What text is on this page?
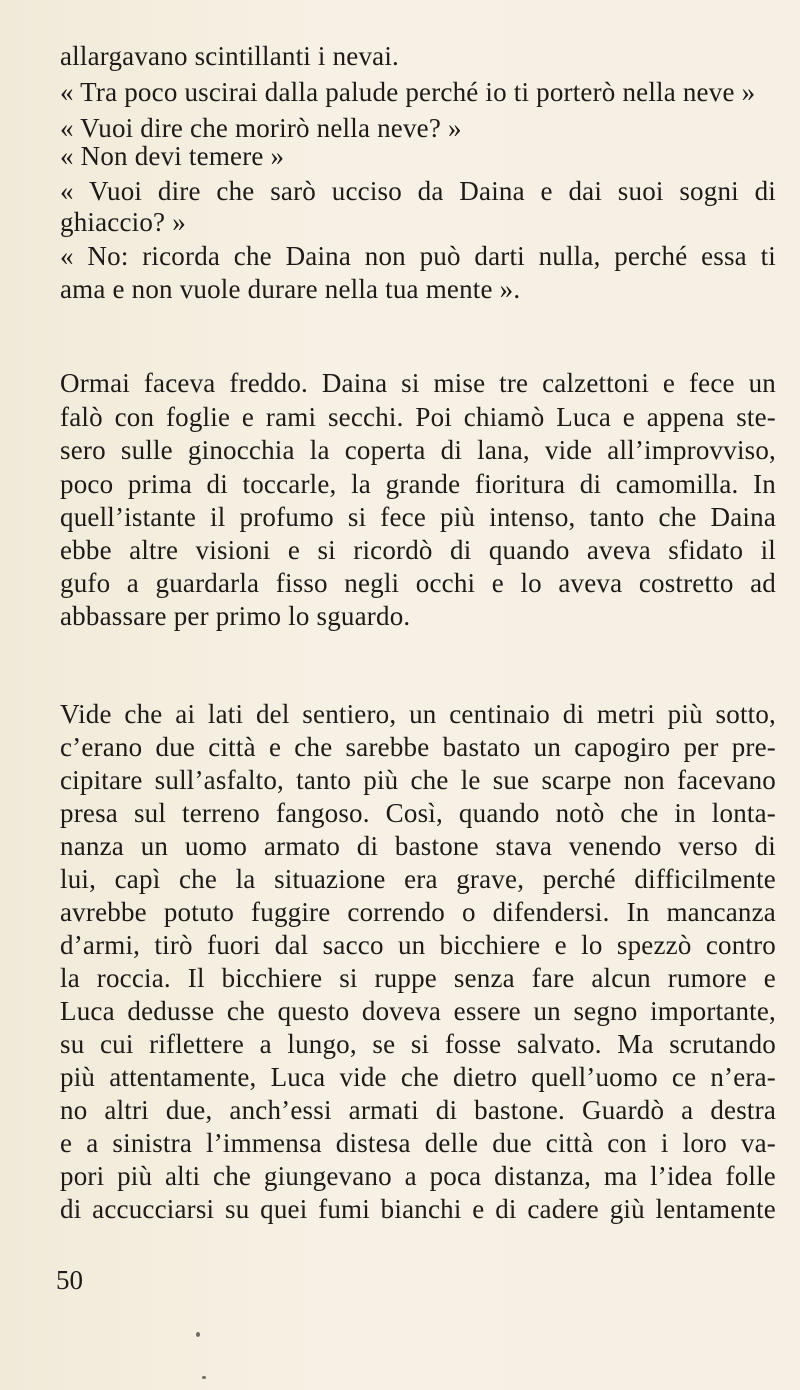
allargavano scintillanti i nevai.
« Tra poco uscirai dalla palude perché io ti porterò nella neve »
« Vuoi dire che morirò nella neve? »
« Non devi temere »
« Vuoi dire che sarò ucciso da Daina e dai suoi sogni di
ghiaccio? »
« No: ricorda che Daina non può darti nulla, perché essa ti
ama e non vuole durare nella tua mente ».
Ormai faceva freddo. Daina si mise tre calzettoni e fece un
falò con foglie e rami secchi. Poi chiamò Luca e appena ste-
sero sulle ginocchia la coperta di lana, vide all’improvviso,
poco prima di toccarle, la grande fioritura di camomilla. In
quell’istante il profumo si fece più intenso, tanto che Daina
ebbe altre visioni e si ricordò di quando aveva sfidato il
gufo a guardarla fisso negli occhi e lo aveva costretto ad
abbassare per primo lo sguardo.
Vide che ai lati del sentiero, un centinaio di metri più sotto,
c’erano due città e che sarebbe bastato un capogiro per pre-
cipitare sull’asfalto, tanto più che le sue scarpe non facevano
presa sul terreno fangoso. Così, quando notò che in lonta-
nanza un uomo armato di bastone stava venendo verso di
lui, capì che la situazione era grave, perché difficilmente
avrebbe potuto fuggire correndo o difendersi. In mancanza
d’armi, tirò fuori dal sacco un bicchiere e lo spezzò contro
la roccia. Il bicchiere si ruppe senza fare alcun rumore e
Luca dedusse che questo doveva essere un segno importante,
su cui riflettere a lungo, se si fosse salvato. Ma scrutando
più attentamente, Luca vide che dietro quell’uomo ce n’era-
no altri due, anch’essi armati di bastone. Guardò a destra
e a sinistra l’immensa distesa delle due città con i loro va-
pori più alti che giungevano a poca distanza, ma l’idea folle
di accucciarsi su quei fumi bianchi e di cadere giù lentamente
50
